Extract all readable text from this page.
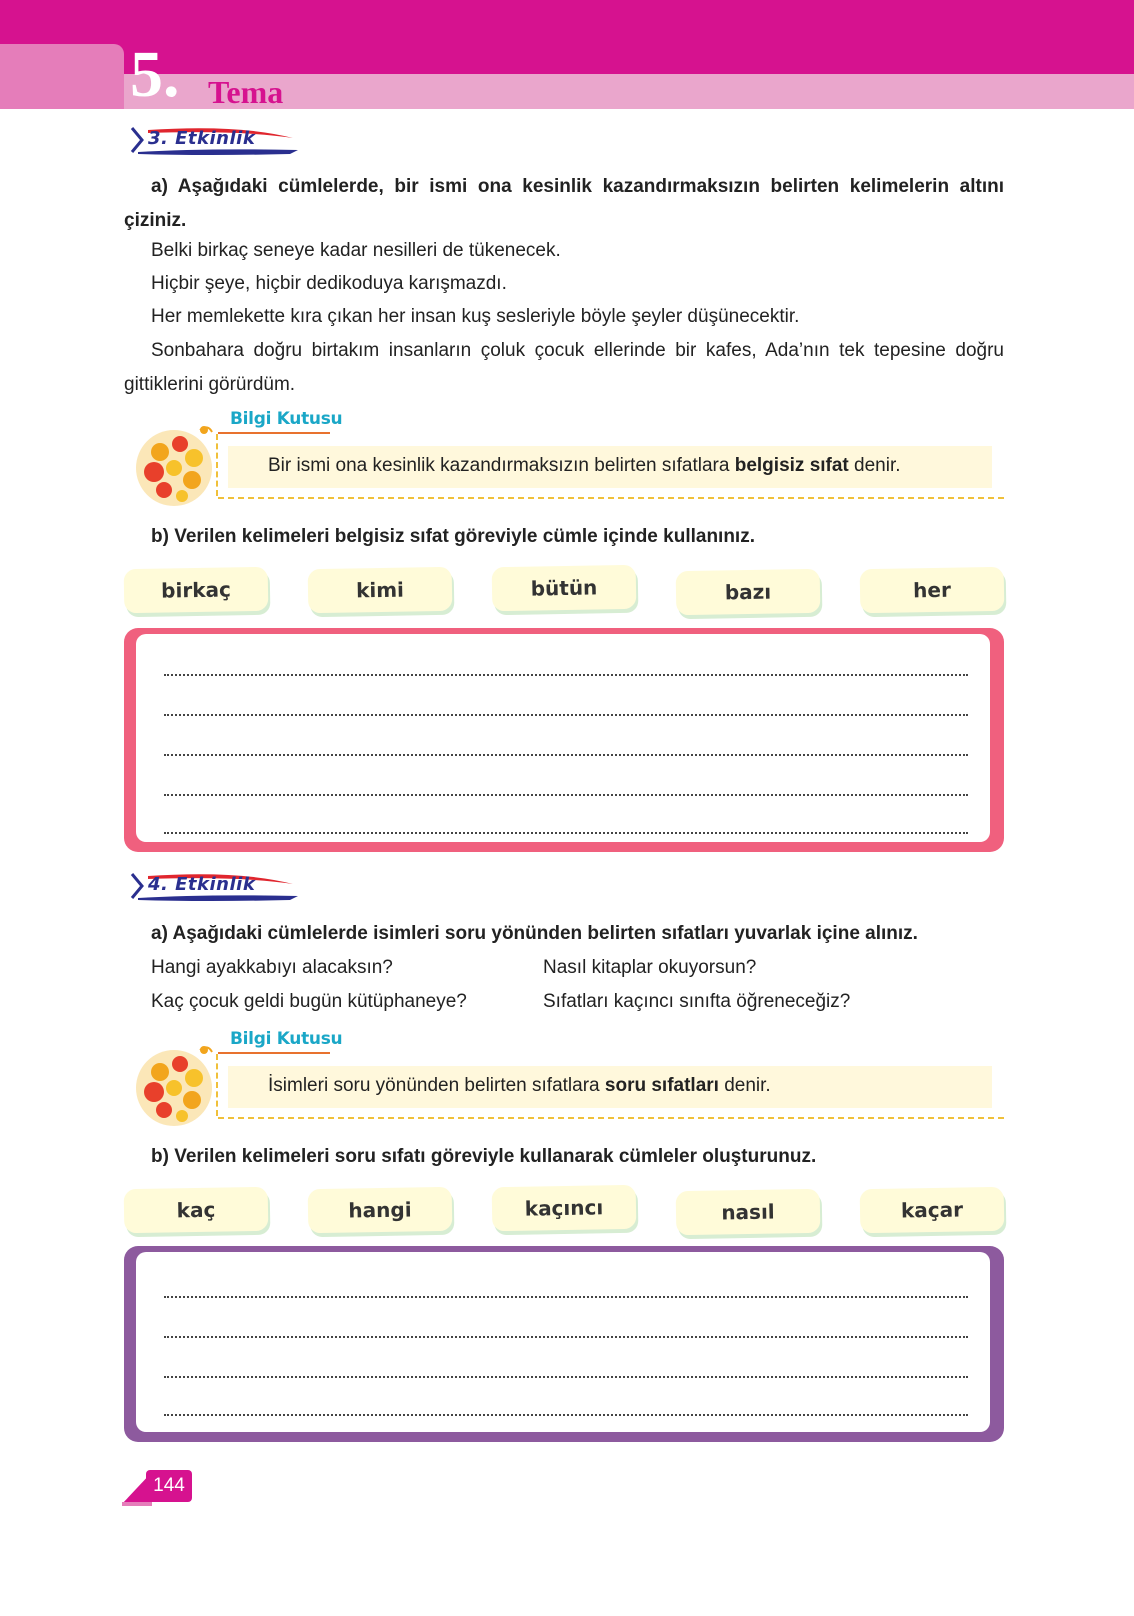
5. Tema
3. Etkinlik
a) Aşağıdaki cümlelerde, bir ismi ona kesinlik kazandırmaksızın belirten kelimelerin altını çiziniz.
Belki birkaç seneye kadar nesilleri de tükenecek.
Hiçbir şeye, hiçbir dedikoduya karışmazdı.
Her memlekette kıra çıkan her insan kuş sesleriyle böyle şeyler düşünecektir.
Sonbahara doğru birtakım insanların çoluk çocuk ellerinde bir kafes, Ada’nın tek tepesine doğru gittiklerini görürdüm.
Bilgi Kutusu
Bir ismi ona kesinlik kazandırmaksızın belirten sıfatlara belgisiz sıfat denir.
b) Verilen kelimeleri belgisiz sıfat göreviyle cümle içinde kullanınız.
birkaç	kimi	bütün	bazı	her
4. Etkinlik
a) Aşağıdaki cümlelerde isimleri soru yönünden belirten sıfatları yuvarlak içine alınız.
Hangi ayakkabıyı alacaksın?
Kaç çocuk geldi bugün kütüphaneye?
Nasıl kitaplar okuyorsun?
Sıfatları kaçıncı sınıfta öğreneceğiz?
Bilgi Kutusu
İsimleri soru yönünden belirten sıfatlara soru sıfatları denir.
b) Verilen kelimeleri soru sıfatı göreviyle kullanarak cümleler oluşturunuz.
kaç	hangi	kaçıncı	nasıl	kaçar
144
